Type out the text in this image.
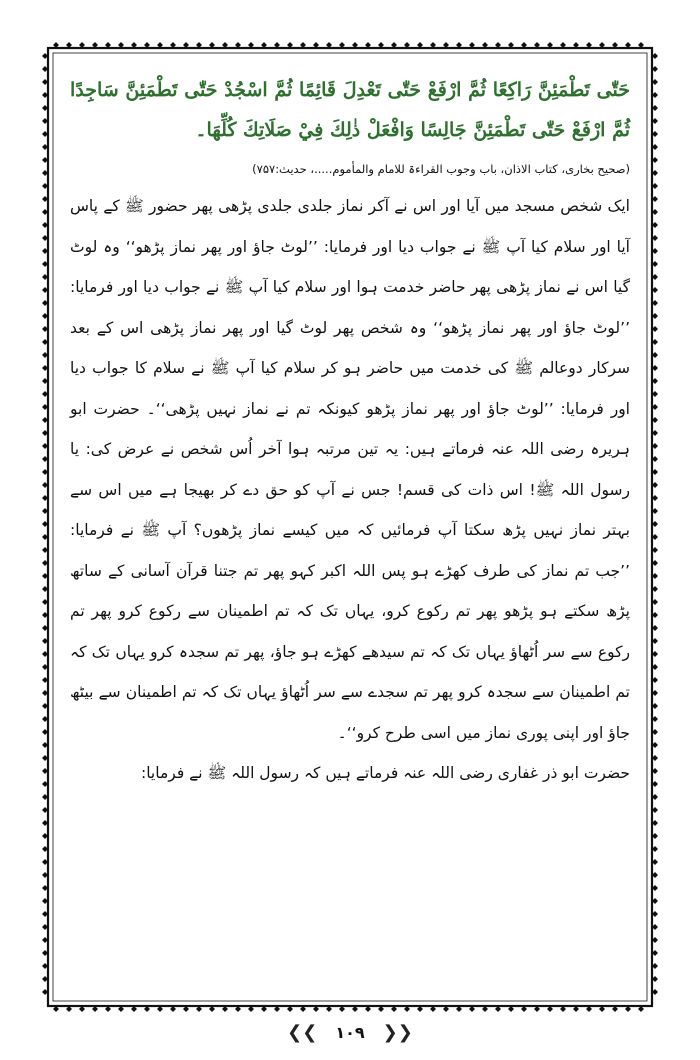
حَتّٰى تَطْمَئِنَّ رَاكِعًا ثُمَّ ارْفَعْ حَتّٰى تَعْدِلَ قَائِمًا ثُمَّ اسْجُدْ حَتّٰى تَطْمَئِنَّ سَاجِدًا ثُمَّ ارْفَعْ حَتّٰى تَطْمَئِنَّ جَالِسًا وَافْعَلْ ذٰلِكَ فِيْ صَلَاتِكَ كُلِّهَا۔

(صحیح بخاری، کتاب الاذان، باب وجوب القراءۃ للامام والمأموم.....، حدیث:۷۵۷)

ایک شخص مسجد میں آیا اور اس نے آکر نماز جلدی جلدی پڑھی پھر حضور ﷺ کے پاس آیا اور سلام کیا آپ ﷺ نے جواب دیا اور فرمایا: ’’لوٹ جاؤ اور پھر نماز پڑھو‘‘ وہ لوٹ گیا اس نے نماز پڑھی پھر حاضر خدمت ہوا اور سلام کیا آپ ﷺ نے جواب دیا اور فرمایا: ’’لوٹ جاؤ اور پھر نماز پڑھو‘‘ وہ شخص پھر لوٹ گیا اور پھر نماز پڑھی اس کے بعد سرکار دوعالم ﷺ کی خدمت میں حاضر ہو کر سلام کیا آپ ﷺ نے سلام کا جواب دیا اور فرمایا: ’’لوٹ جاؤ اور پھر نماز پڑھو کیونکہ تم نے نماز نہیں پڑھی‘‘۔ حضرت ابو ہریرہ رضی اللہ عنہ فرماتے ہیں: یہ تین مرتبہ ہوا آخر اُس شخص نے عرض کی: یا رسول اللہ ﷺ! اس ذات کی قسم! جس نے آپ کو حق دے کر بھیجا ہے میں اس سے بہتر نماز نہیں پڑھ سکتا آپ فرمائیں کہ میں کیسے نماز پڑھوں؟ آپ ﷺ نے فرمایا: ’’جب تم نماز کی طرف کھڑے ہو پس اللہ اکبر کہو پھر تم جتنا قرآن آسانی کے ساتھ پڑھ سکتے ہو پڑھو پھر تم رکوع کرو، یہاں تک کہ تم اطمینان سے رکوع کرو پھر تم رکوع سے سر اُٹھاؤ یہاں تک کہ تم سیدھے کھڑے ہو جاؤ، پھر تم سجدہ کرو یہاں تک کہ تم اطمینان سے سجدہ کرو پھر تم سجدے سے سر اُٹھاؤ یہاں تک کہ تم اطمینان سے بیٹھ جاؤ اور اپنی پوری نماز میں اسی طرح کرو‘‘۔

حضرت ابو ذر غفاری رضی اللہ عنہ فرماتے ہیں کہ رسول اللہ ﷺ نے فرمایا:

❮❮	۱۰۹	❯❯
